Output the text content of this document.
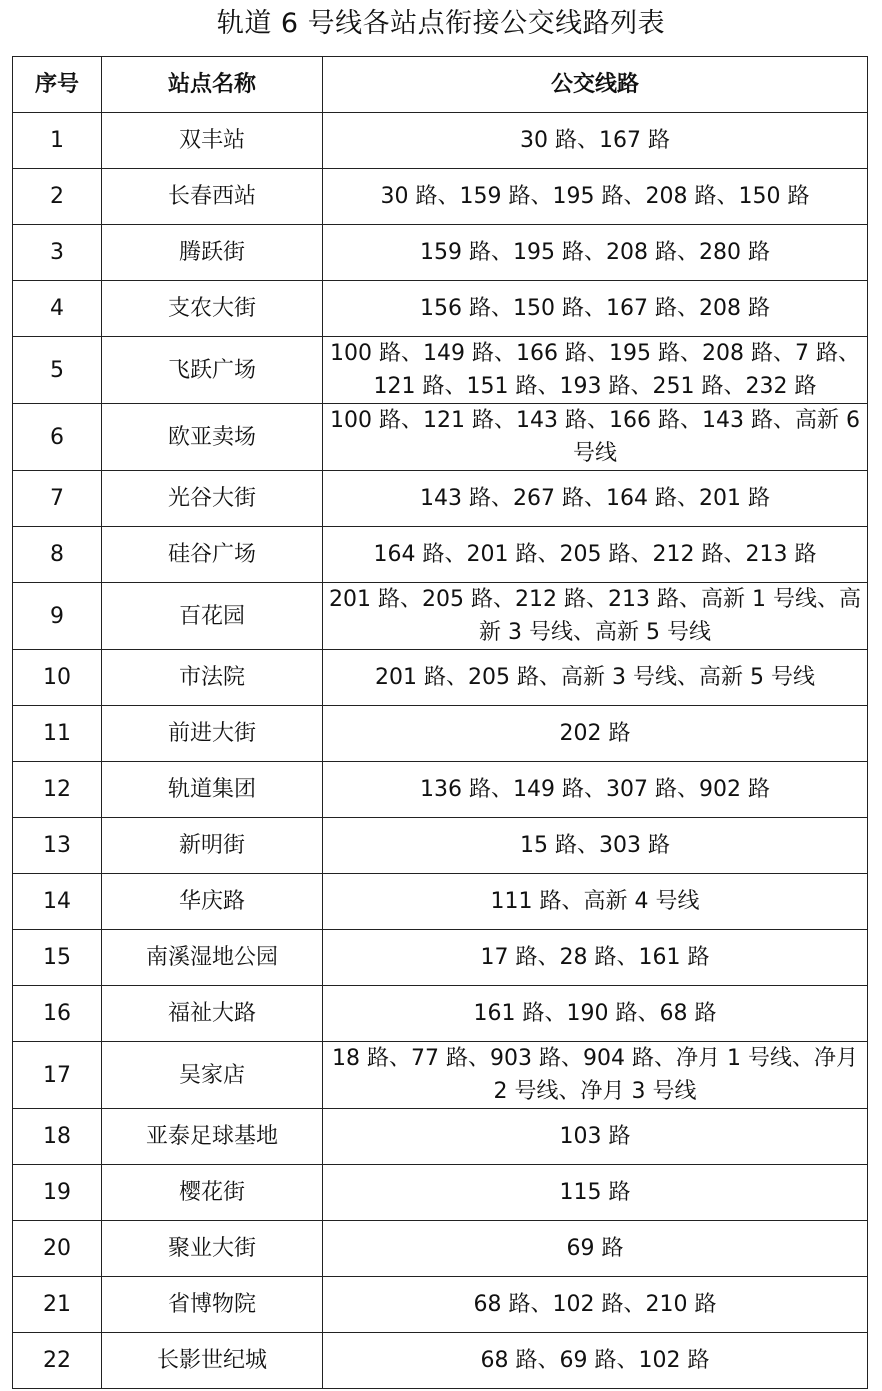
轨道 6 号线各站点衔接公交线路列表
序号	站点名称	公交线路
1	双丰站	30 路、167 路
2	长春西站	30 路、159 路、195 路、208 路、150 路
3	腾跃街	159 路、195 路、208 路、280 路
4	支农大街	156 路、150 路、167 路、208 路
5	飞跃广场	100 路、149 路、166 路、195 路、208 路、7 路、121 路、151 路、193 路、251 路、232 路
6	欧亚卖场	100 路、121 路、143 路、166 路、143 路、高新 6 号线
7	光谷大街	143 路、267 路、164 路、201 路
8	硅谷广场	164 路、201 路、205 路、212 路、213 路
9	百花园	201 路、205 路、212 路、213 路、高新 1 号线、高新 3 号线、高新 5 号线
10	市法院	201 路、205 路、高新 3 号线、高新 5 号线
11	前进大街	202 路
12	轨道集团	136 路、149 路、307 路、902 路
13	新明街	15 路、303 路
14	华庆路	111 路、高新 4 号线
15	南溪湿地公园	17 路、28 路、161 路
16	福祉大路	161 路、190 路、68 路
17	吴家店	18 路、77 路、903 路、904 路、净月 1 号线、净月 2 号线、净月 3 号线
18	亚泰足球基地	103 路
19	樱花街	115 路
20	聚业大街	69 路
21	省博物院	68 路、102 路、210 路
22	长影世纪城	68 路、69 路、102 路
